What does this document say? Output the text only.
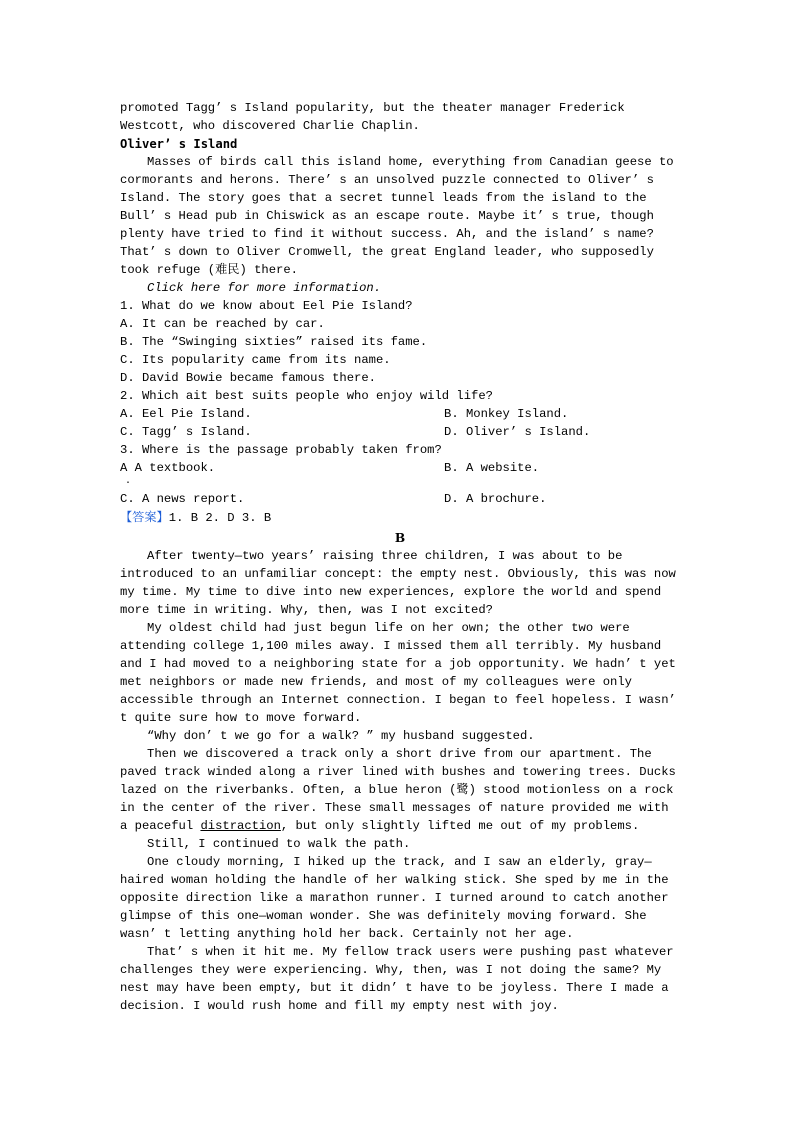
promoted Tagg’ s Island popularity, but the theater manager Frederick Westcott, who discovered Charlie Chaplin.

Oliver’ s Island

Masses of birds call this island home, everything from Canadian geese to cormorants and herons. There’ s an unsolved puzzle connected to Oliver’ s Island. The story goes that a secret tunnel leads from the island to the Bull’ s Head pub in Chiswick as an escape route. Maybe it’ s true, though plenty have tried to find it without success. Ah, and the island’ s name? That’ s down to Oliver Cromwell, the great England leader, who supposedly took refuge (难民) there.

Click here for more information.

1. What do we know about Eel Pie Island?

A. It can be reached by car.

B. The “Swinging sixties” raised its fame.

C. Its popularity came from its name.

D. David Bowie became famous there.

2. Which ait best suits people who enjoy wild life?

A. Eel Pie Island.	B. Monkey Island.
C. Tagg’ s Island.	D. Oliver’ s Island.

3. Where is the passage probably taken from?

A A textbook.	B. A website.

·

C. A news report.	D. A brochure.

【答案】1. B 2. D 3. B

B

After twenty—two years’ raising three children, I was about to be introduced to an unfamiliar concept: the empty nest. Obviously, this was now my time. My time to dive into new experiences, explore the world and spend more time in writing. Why, then, was I not excited?

My oldest child had just begun life on her own; the other two were attending college 1,100 miles away. I missed them all terribly. My husband and I had moved to a neighboring state for a job opportunity. We hadn’ t yet met neighbors or made new friends, and most of my colleagues were only accessible through an Internet connection. I began to feel hopeless. I wasn’ t quite sure how to move forward.

“Why don’ t we go for a walk? ” my husband suggested.

Then we discovered a track only a short drive from our apartment. The paved track winded along a river lined with bushes and towering trees. Ducks lazed on the riverbanks. Often, a blue heron (鹭) stood motionless on a rock in the center of the river. These small messages of nature provided me with a peaceful distraction, but only slightly lifted me out of my problems.

Still, I continued to walk the path.

One cloudy morning, I hiked up the track, and I saw an elderly, gray—haired woman holding the handle of her walking stick. She sped by me in the opposite direction like a marathon runner. I turned around to catch another glimpse of this one—woman wonder. She was definitely moving forward. She wasn’ t letting anything hold her back. Certainly not her age.

That’ s when it hit me. My fellow track users were pushing past whatever challenges they were experiencing. Why, then, was I not doing the same? My nest may have been empty, but it didn’ t have to be joyless. There I made a decision. I would rush home and fill my empty nest with joy.
